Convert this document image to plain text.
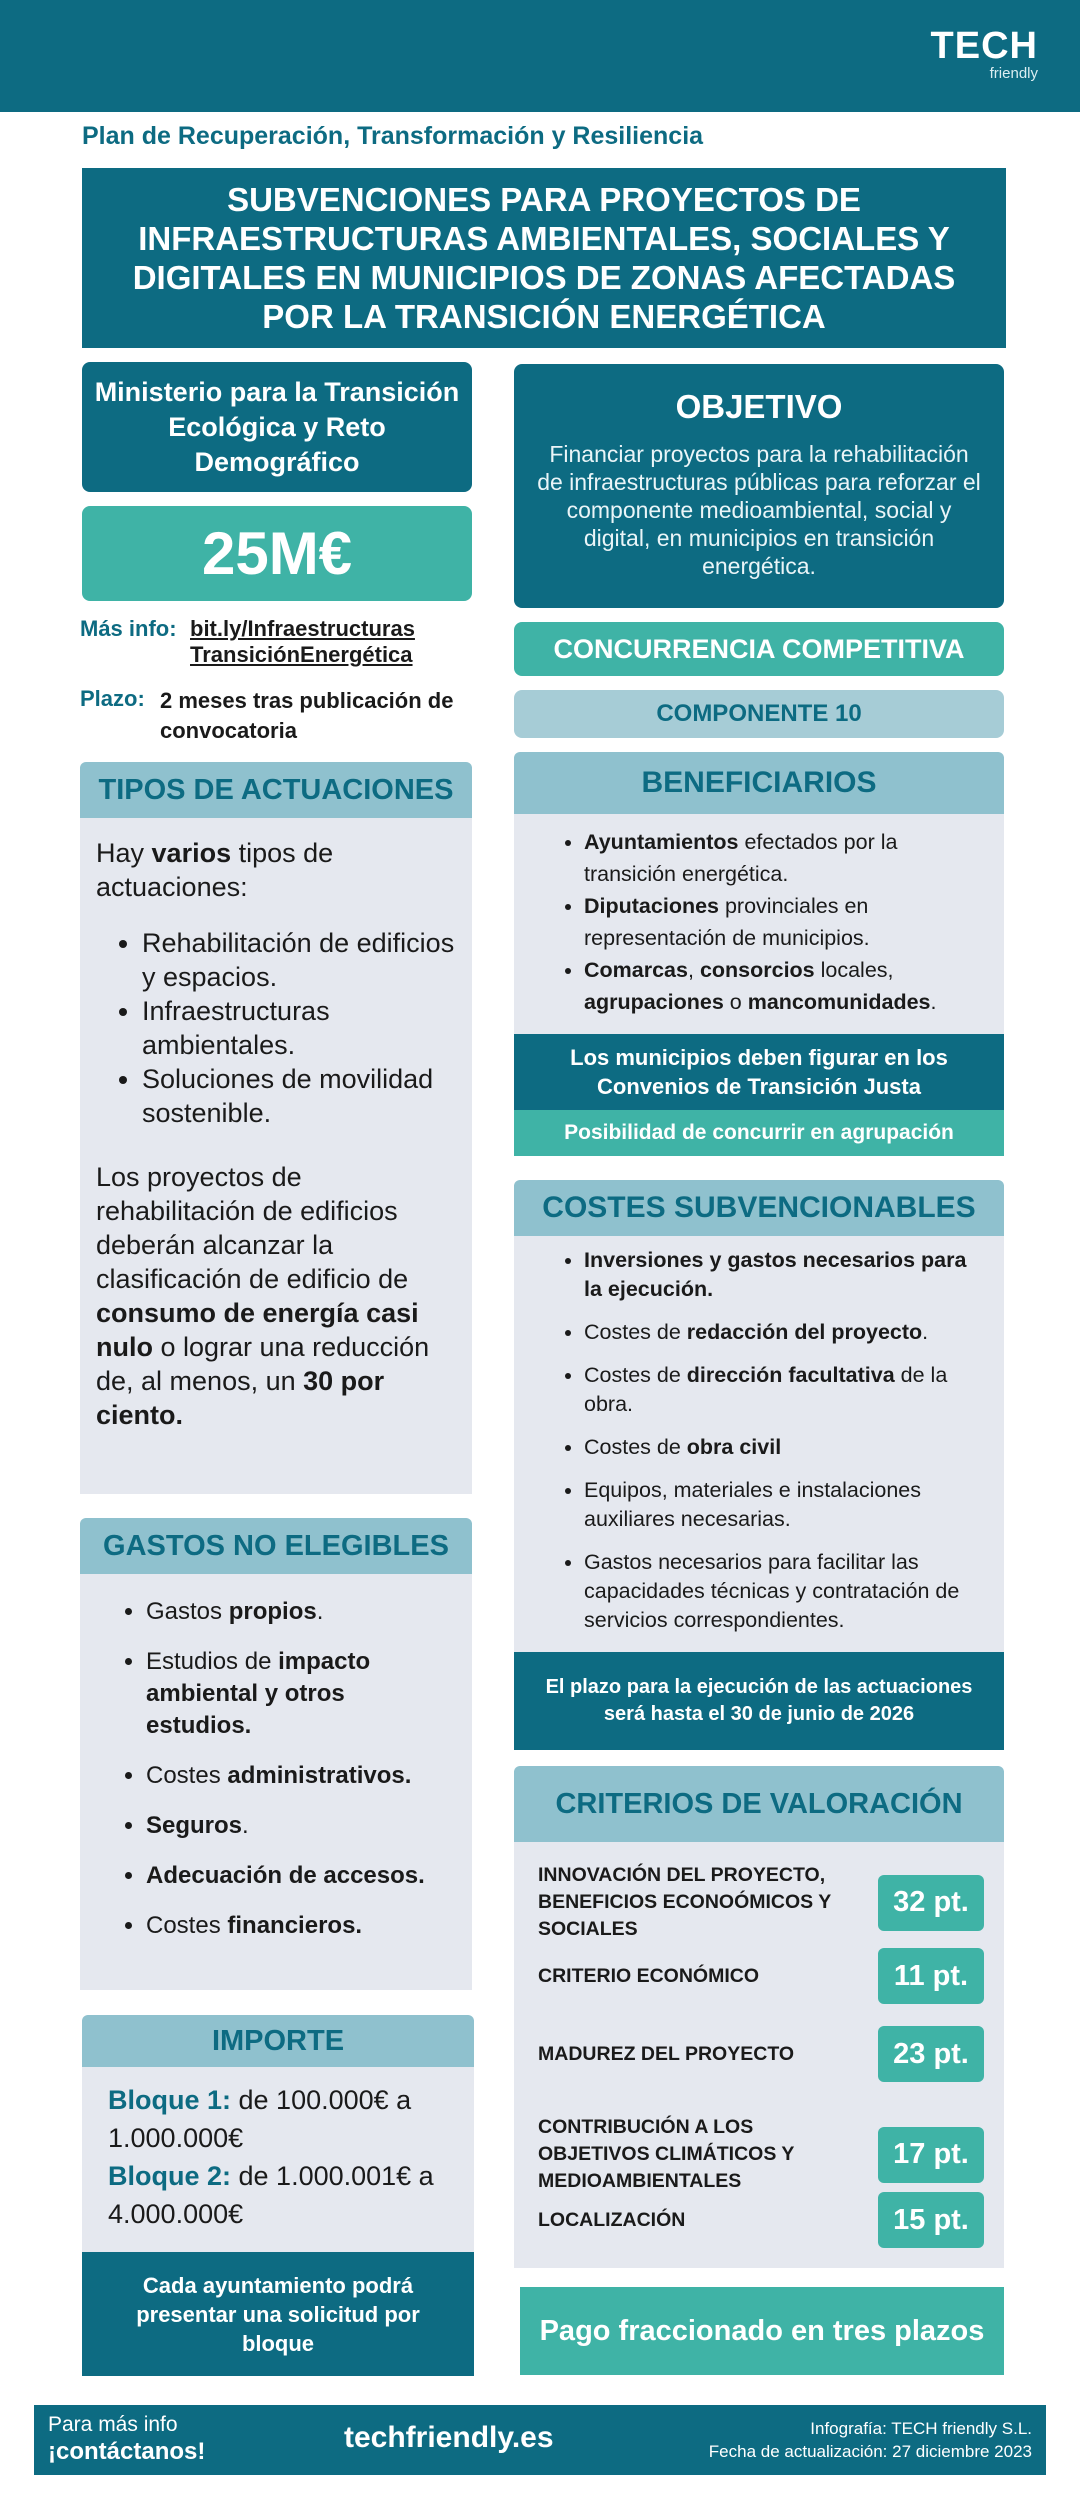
TECH
friendly
Plan de Recuperación, Transformación y Resiliencia
SUBVENCIONES PARA PROYECTOS DE INFRAESTRUCTURAS AMBIENTALES, SOCIALES Y DIGITALES EN MUNICIPIOS DE ZONAS AFECTADAS POR LA TRANSICIÓN ENERGÉTICA
Ministerio para la Transición Ecológica y Reto Demográfico
25M€
Más info: bit.ly/Infraestructuras
TransiciónEnergética
Plazo: 2 meses tras publicación de convocatoria
TIPOS DE ACTUACIONES
Hay varios tipos de actuaciones:
• Rehabilitación de edificios y espacios.
• Infraestructuras ambientales.
• Soluciones de movilidad sostenible.
Los proyectos de rehabilitación de edificios deberán alcanzar la clasificación de edificio de consumo de energía casi nulo o lograr una reducción de, al menos, un 30 por ciento.
GASTOS NO ELEGIBLES
• Gastos propios.
• Estudios de impacto ambiental y otros estudios.
• Costes administrativos.
• Seguros.
• Adecuación de accesos.
• Costes financieros.
IMPORTE
Bloque 1: de 100.000€ a 1.000.000€
Bloque 2: de 1.000.001€ a 4.000.000€
Cada ayuntamiento podrá presentar una solicitud por bloque
OBJETIVO
Financiar proyectos para la rehabilitación de infraestructuras públicas para reforzar el componente medioambiental, social y digital, en municipios en transición energética.
CONCURRENCIA COMPETITIVA
COMPONENTE 10
BENEFICIARIOS
• Ayuntamientos efectados por la transición energética.
• Diputaciones provinciales en representación de municipios.
• Comarcas, consorcios locales, agrupaciones o mancomunidades.
Los municipios deben figurar en los Convenios de Transición Justa
Posibilidad de concurrir en agrupación
COSTES SUBVENCIONABLES
• Inversiones y gastos necesarios para la ejecución.
• Costes de redacción del proyecto.
• Costes de dirección facultativa de la obra.
• Costes de obra civil
• Equipos, materiales e instalaciones auxiliares necesarias.
• Gastos necesarios para facilitar las capacidades técnicas y contratación de servicios correspondientes.
El plazo para la ejecución de las actuaciones será hasta el 30 de junio de 2026
CRITERIOS DE VALORACIÓN
INNOVACIÓN DEL PROYECTO, BENEFICIOS ECONOÓMICOS Y SOCIALES
32 pt.
CRITERIO ECONÓMICO	11 pt.
MADUREZ DEL PROYECTO	23 pt.
CONTRIBUCIÓN A LOS OBJETIVOS CLIMÁTICOS Y MEDIOAMBIENTALES
17 pt.
LOCALIZACIÓN	15 pt.
Pago fraccionado en tres plazos
Para más info
¡contáctanos!	techfriendly.es	Infografía: TECH friendly S.L.
Fecha de actualización: 27 diciembre 2023
